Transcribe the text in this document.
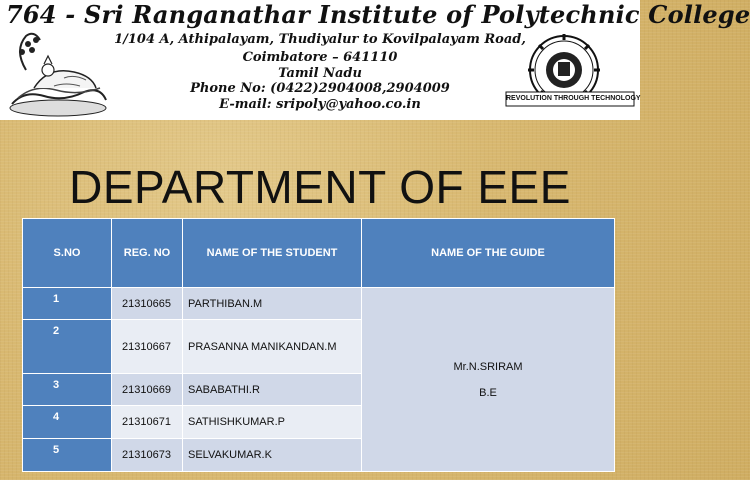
764 - Sri Ranganathar Institute of Polytechnic College
1/104 A, Athipalayam, Thudiyalur to Kovilpalayam Road,
Coimbatore – 641110
Tamil Nadu
Phone No: (0422)2904008,2904009
E-mail: sripoly@yahoo.co.in	REVOLUTION THROUGH TECHNOLOGY
DEPARTMENT OF EEE
S.NO	REG. NO	NAME OF THE STUDENT	NAME OF THE GUIDE
1	21310665	PARTHIBAN.M	Mr.N.SRIRAM
B.E

2	21310667	PRASANNA MANIKANDAN.M	
3	21310669	SABABATHI.R	
4	21310671	SATHISHKUMAR.P	
5	21310673	SELVAKUMAR.K	
